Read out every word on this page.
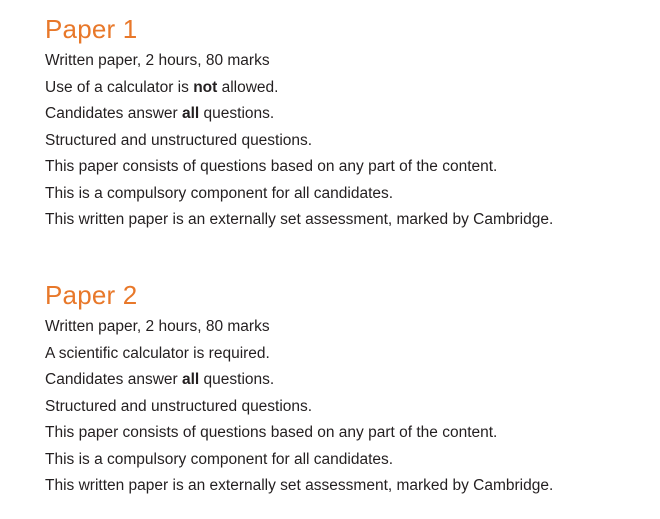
Paper 1
Written paper, 2 hours, 80 marks
Use of a calculator is not allowed.
Candidates answer all questions.
Structured and unstructured questions.
This paper consists of questions based on any part of the content.
This is a compulsory component for all candidates.
This written paper is an externally set assessment, marked by Cambridge.
Paper 2
Written paper, 2 hours, 80 marks
A scientific calculator is required.
Candidates answer all questions.
Structured and unstructured questions.
This paper consists of questions based on any part of the content.
This is a compulsory component for all candidates.
This written paper is an externally set assessment, marked by Cambridge.
